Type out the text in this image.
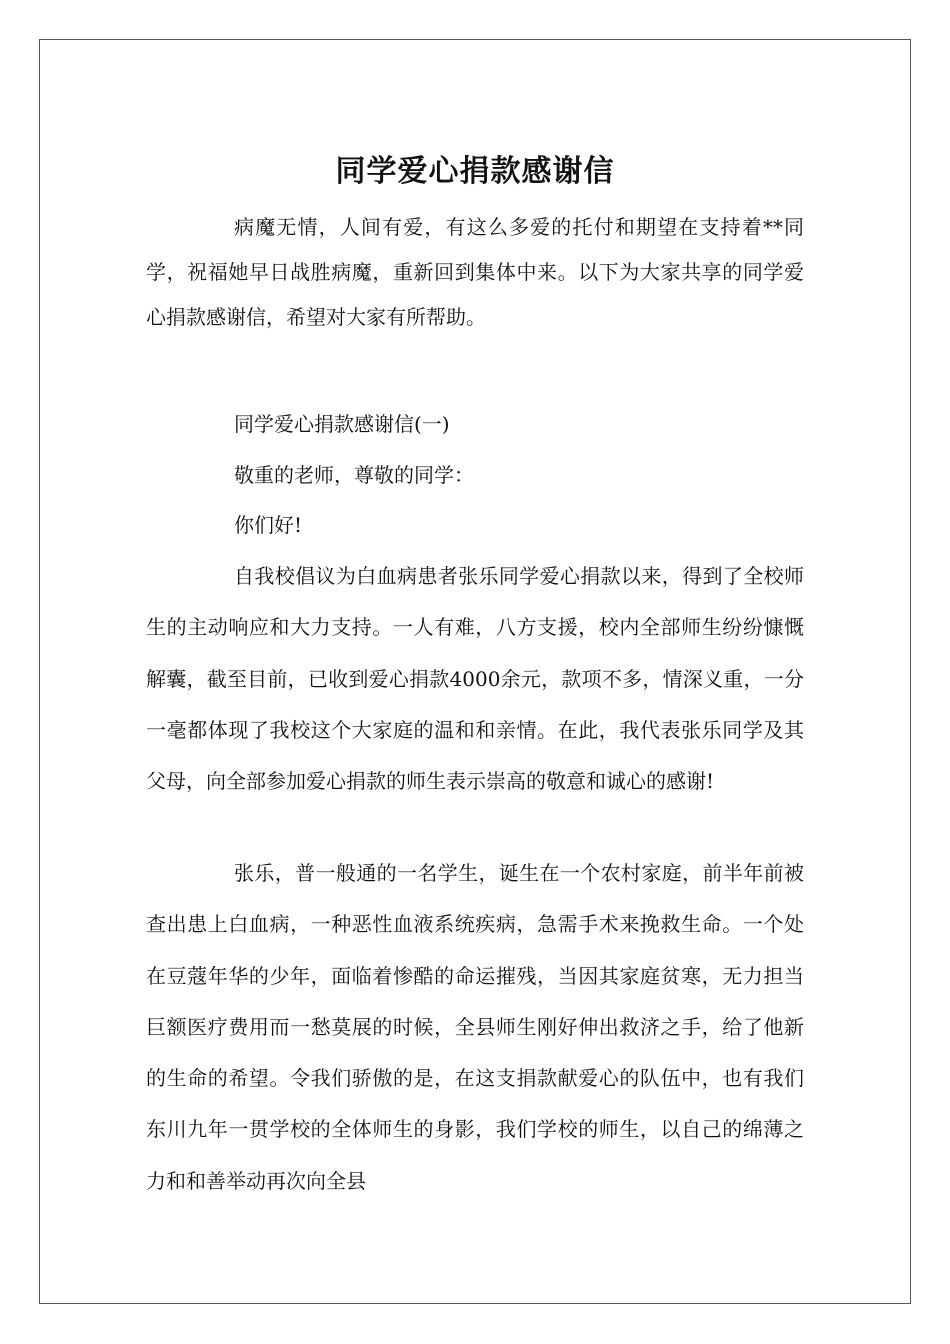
同学爱心捐款感谢信

病魔无情，人间有爱，有这么多爱的托付和期望在支持着**同学，祝福她早日战胜病魔，重新回到集体中来。以下为大家共享的同学爱心捐款感谢信，希望对大家有所帮助。

同学爱心捐款感谢信(一)

敬重的老师，尊敬的同学：

你们好!

自我校倡议为白血病患者张乐同学爱心捐款以来，得到了全校师生的主动响应和大力支持。一人有难，八方支援，校内全部师生纷纷慷慨解囊，截至目前，已收到爱心捐款4000余元，款项不多，情深义重，一分一毫都体现了我校这个大家庭的温和和亲情。在此，我代表张乐同学及其父母，向全部参加爱心捐款的师生表示崇高的敬意和诚心的感谢!

张乐，普一般通的一名学生，诞生在一个农村家庭，前半年前被查出患上白血病，一种恶性血液系统疾病，急需手术来挽救生命。一个处在豆蔻年华的少年，面临着惨酷的命运摧残，当因其家庭贫寒，无力担当巨额医疗费用而一愁莫展的时候，全县师生刚好伸出救济之手，给了他新的生命的希望。令我们骄傲的是，在这支捐款献爱心的队伍中，也有我们东川九年一贯学校的全体师生的身影，我们学校的师生，以自己的绵薄之力和和善举动再次向全县
